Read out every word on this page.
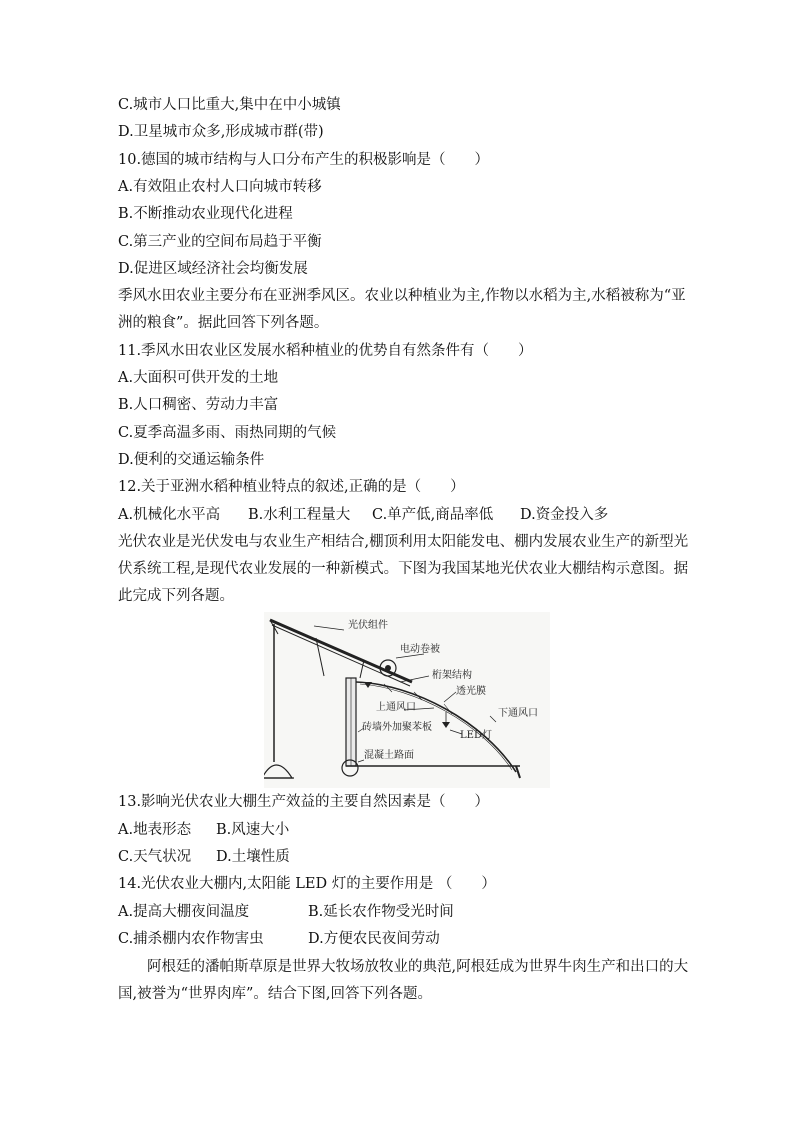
C.城市人口比重大,集中在中小城镇
D.卫星城市众多,形成城市群(带)
10.德国的城市结构与人口分布产生的积极影响是（　　）
A.有效阻止农村人口向城市转移
B.不断推动农业现代化进程
C.第三产业的空间布局趋于平衡
D.促进区域经济社会均衡发展
季风水田农业主要分布在亚洲季风区。农业以种植业为主,作物以水稻为主,水稻被称为“亚
洲的粮食”。据此回答下列各题。
11.季风水田农业区发展水稻种植业的优势自有然条件有（　　）
A.大面积可供开发的土地
B.人口稠密、劳动力丰富
C.夏季高温多雨、雨热同期的气候
D.便利的交通运输条件
12.关于亚洲水稻种植业特点的叙述,正确的是（　　）
A.机械化水平高	B.水利工程量大	C.单产低,商品率低	D.资金投入多
光伏农业是光伏发电与农业生产相结合,棚顶利用太阳能发电、棚内发展农业生产的新型光
伏系统工程,是现代农业发展的一种新模式。下图为我国某地光伏农业大棚结构示意图。据
此完成下列各题。
光伏组件
电动卷被
桁架结构
透光膜
上通风口
下通风口
LED灯
砖墙外加聚苯板
混凝土路面
13.影响光伏农业大棚生产效益的主要自然因素是（　　）
A.地表形态	B.风速大小
C.天气状况	D.土壤性质
14.光伏农业大棚内,太阳能 LED 灯的主要作用是 （　　）
A.提高大棚夜间温度	B.延长农作物受光时间
C.捕杀棚内农作物害虫	D.方便农民夜间劳动
　　阿根廷的潘帕斯草原是世界大牧场放牧业的典范,阿根廷成为世界牛肉生产和出口的大
国,被誉为“世界肉库”。结合下图,回答下列各题。
